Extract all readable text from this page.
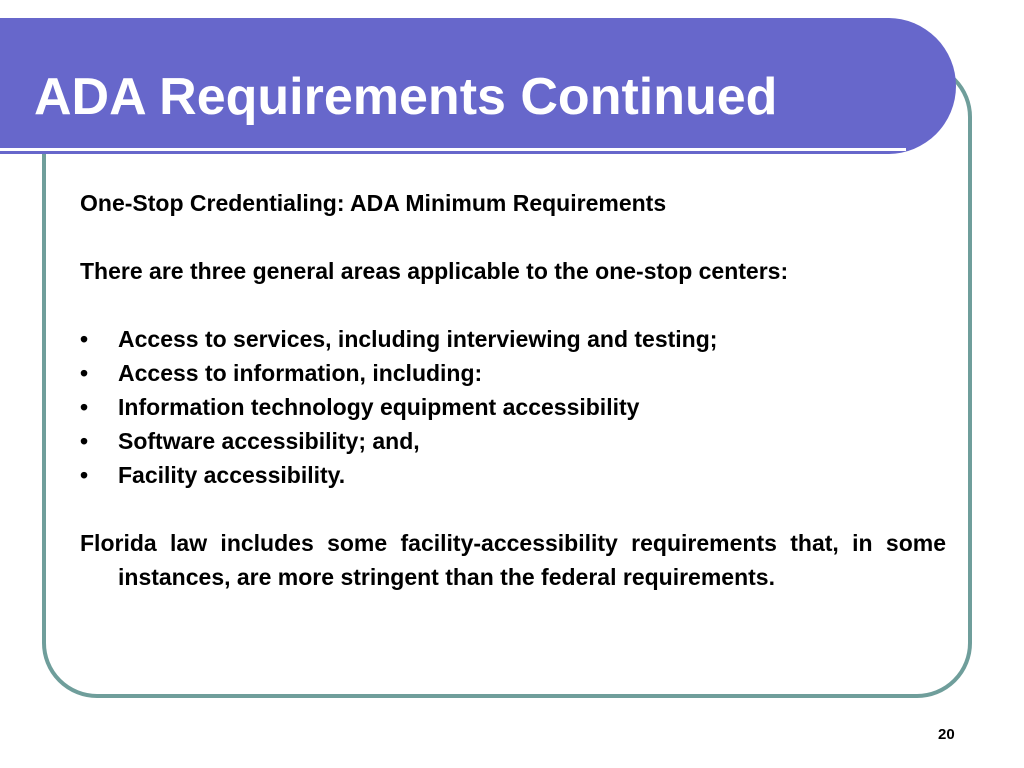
ADA Requirements Continued

One-Stop Credentialing: ADA Minimum Requirements

There are three general areas applicable to the one-stop centers:

•	Access to services, including interviewing and testing;
•	Access to information, including:
•	Information technology equipment accessibility
•	Software accessibility; and,
•	Facility accessibility.

Florida law includes some facility-accessibility requirements that, in some instances, are more stringent than the federal requirements.

20
